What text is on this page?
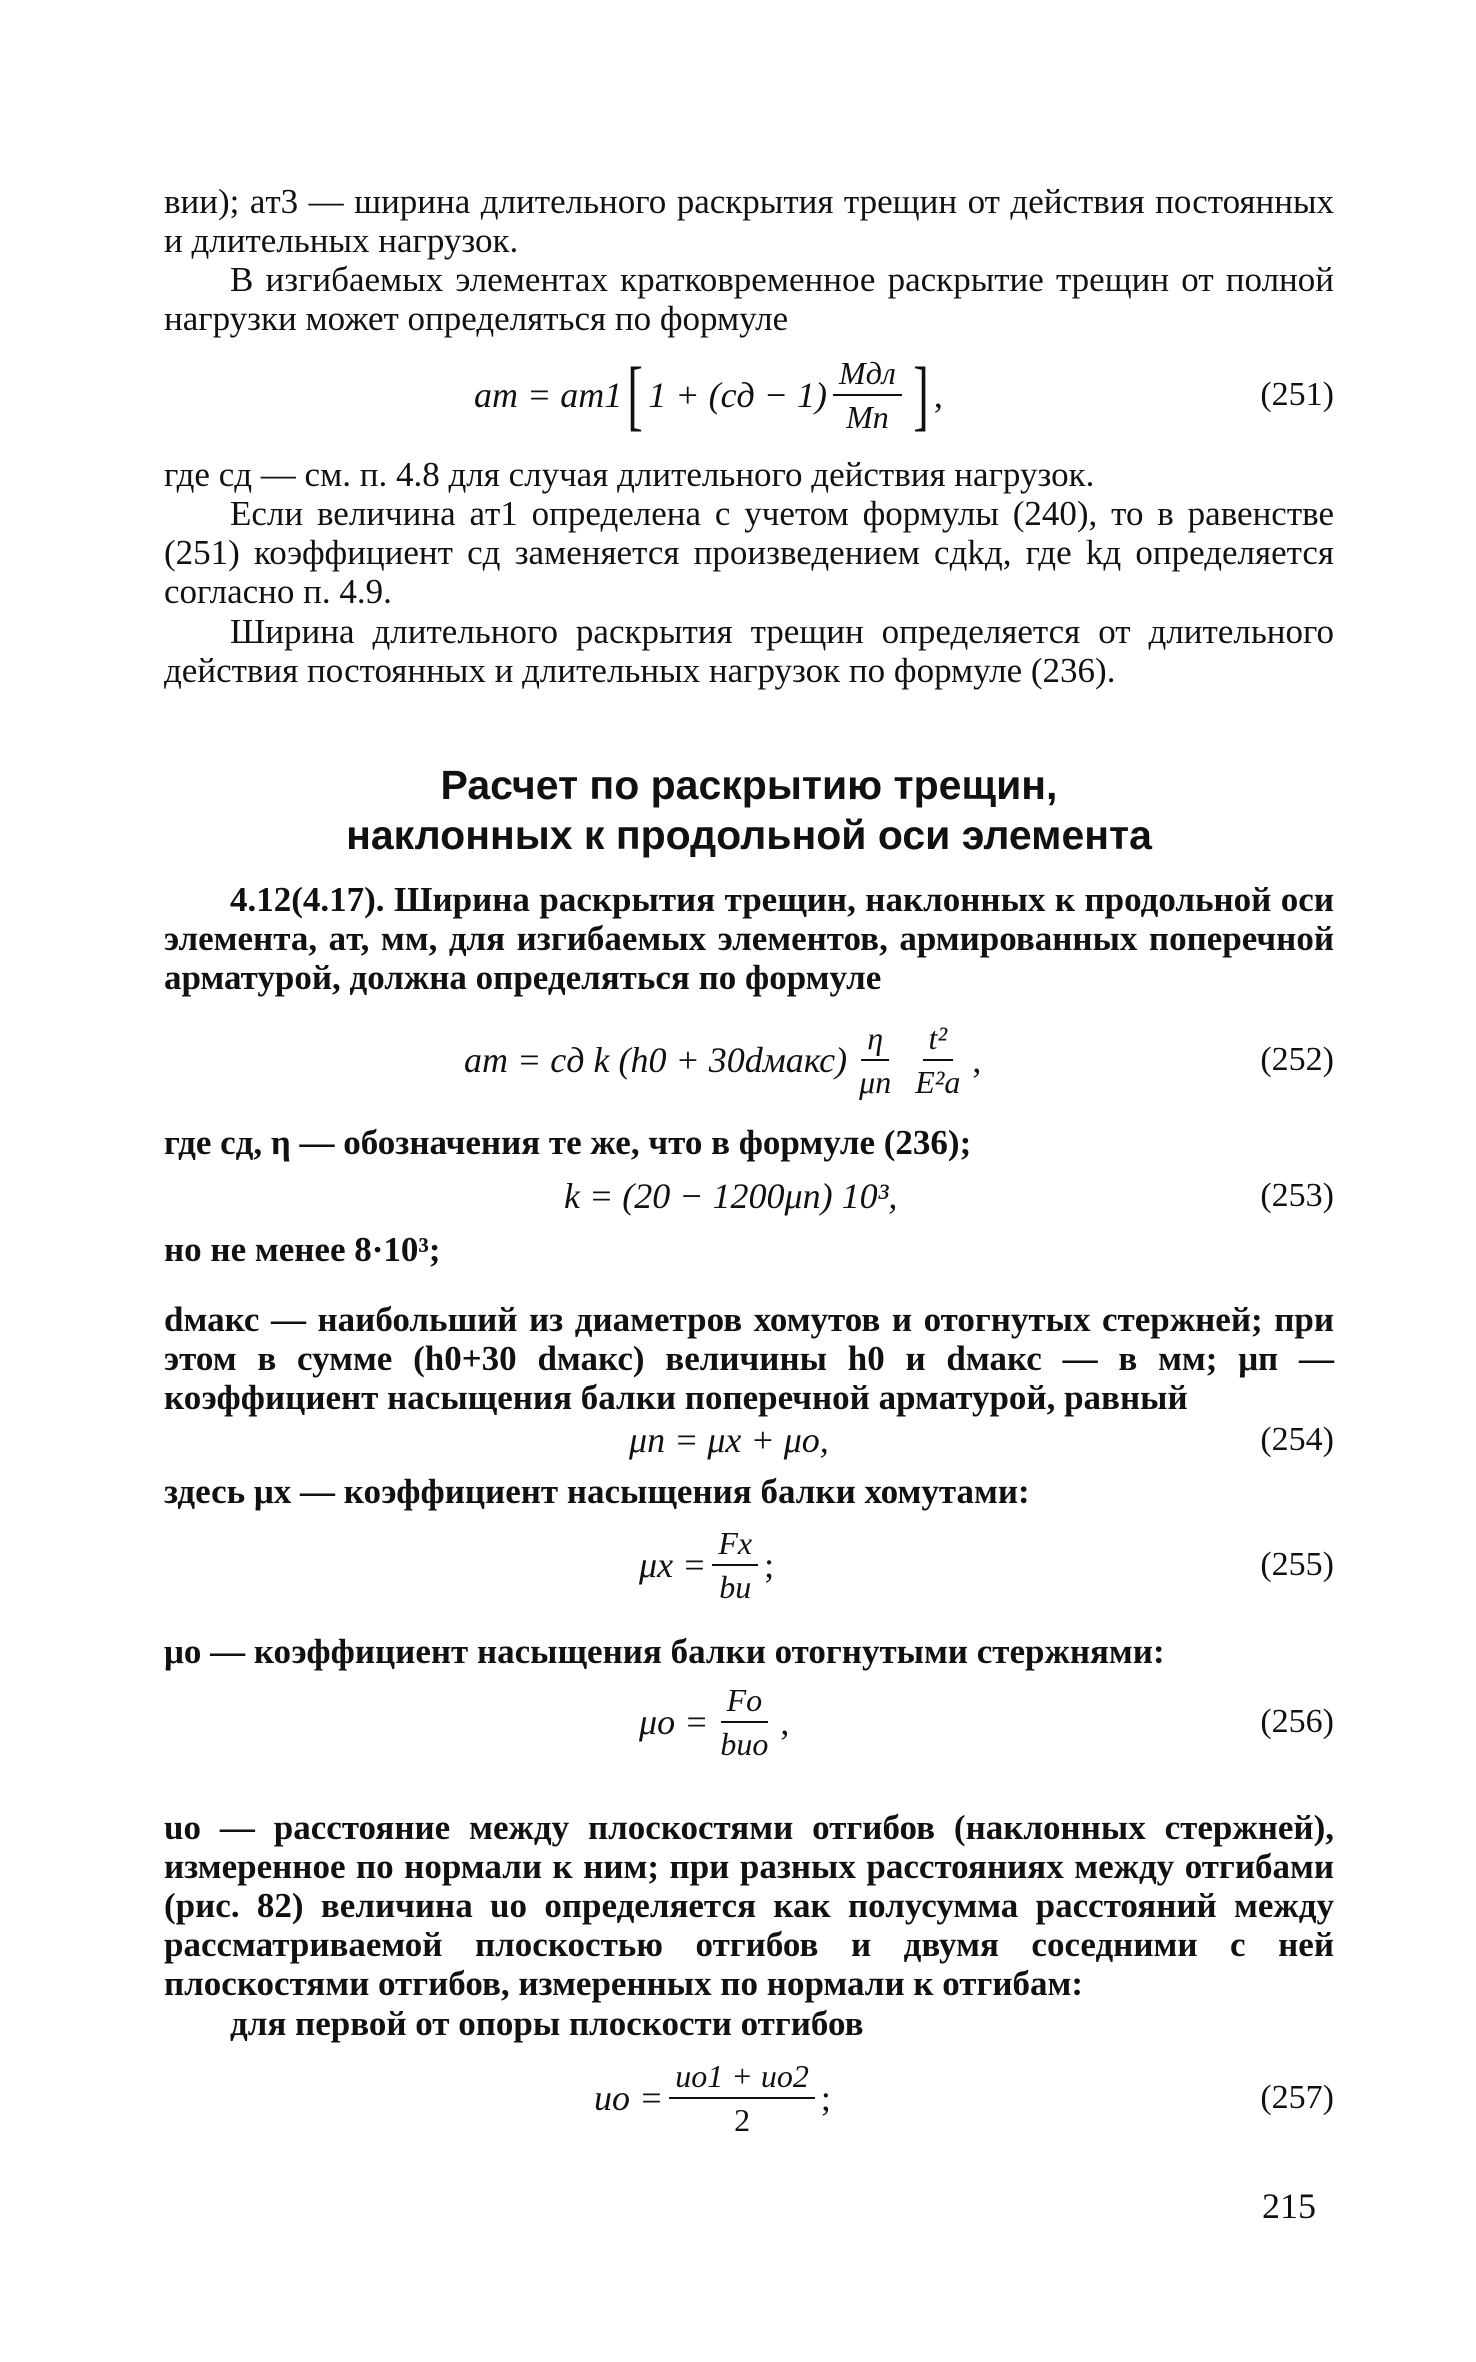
вии); aт3 — ширина длительного раскрытия трещин от действия постоянных и длительных нагрузок.

В изгибаемых элементах кратковременное раскрытие трещин от полной нагрузки может определяться по формуле

aт = aт1 [ $1 + (cд - 1) \frac{\text{Mдл}}{Mп}$ ] ,	(251)

где cд — см. п. 4.8 для случая длительного действия нагрузок.

Если величина aт1 определена с учетом формулы (240), то в равенстве (251) коэффициент cд заменяется произведением cдkд, где kд определяется согласно п. 4.9.

Ширина длительного раскрытия трещин определяется от длительного действия постоянных и длительных нагрузок по формуле (236).

Расчет по раскрытию трещин,
наклонных к продольной оси элемента

4.12(4.17). Ширина раскрытия трещин, наклонных к продольной оси элемента, aт, мм, для изгибаемых элементов, армированных поперечной арматурой, должна определяться по формуле

aт = cд k (h0 + 30dмакс) $\frac{\eta}{\mu п} \frac{\text{t²}}{\text{E²а}}$ ,	(252)

где cд, η — обозначения те же, что в формуле (236);

k = (20 − 1200μп) 10³,	(253)

но не менее 8·10³;

dмакс — наибольший из диаметров хомутов и отогнутых стержней; при этом в сумме (h0+30 dмакс) величины h0 и dмакс — в мм; μп — коэффициент насыщения балки поперечной арматурой, равный

μп = μх + μо,	(254)

здесь μх — коэффициент насыщения балки хомутами:

$\mu х = \frac{Fх}{bu}$ ;	(255)

μо — коэффициент насыщения балки отогнутыми стержнями:

$\mu о = \frac{Fо}{\text{buо}}$ ,	(256)

uо — расстояние между плоскостями отгибов (наклонных стержней), измеренное по нормали к ним; при разных расстояниях между отгибами (рис. 82) величина uо определяется как полусумма расстояний между рассматриваемой плоскостью отгибов и двумя соседними с ней плоскостями отгибов, измеренных по нормали к отгибам:

для первой от опоры плоскости отгибов

uо = $\frac{uо1 + uо2}{2}$ ;	(257)
215
